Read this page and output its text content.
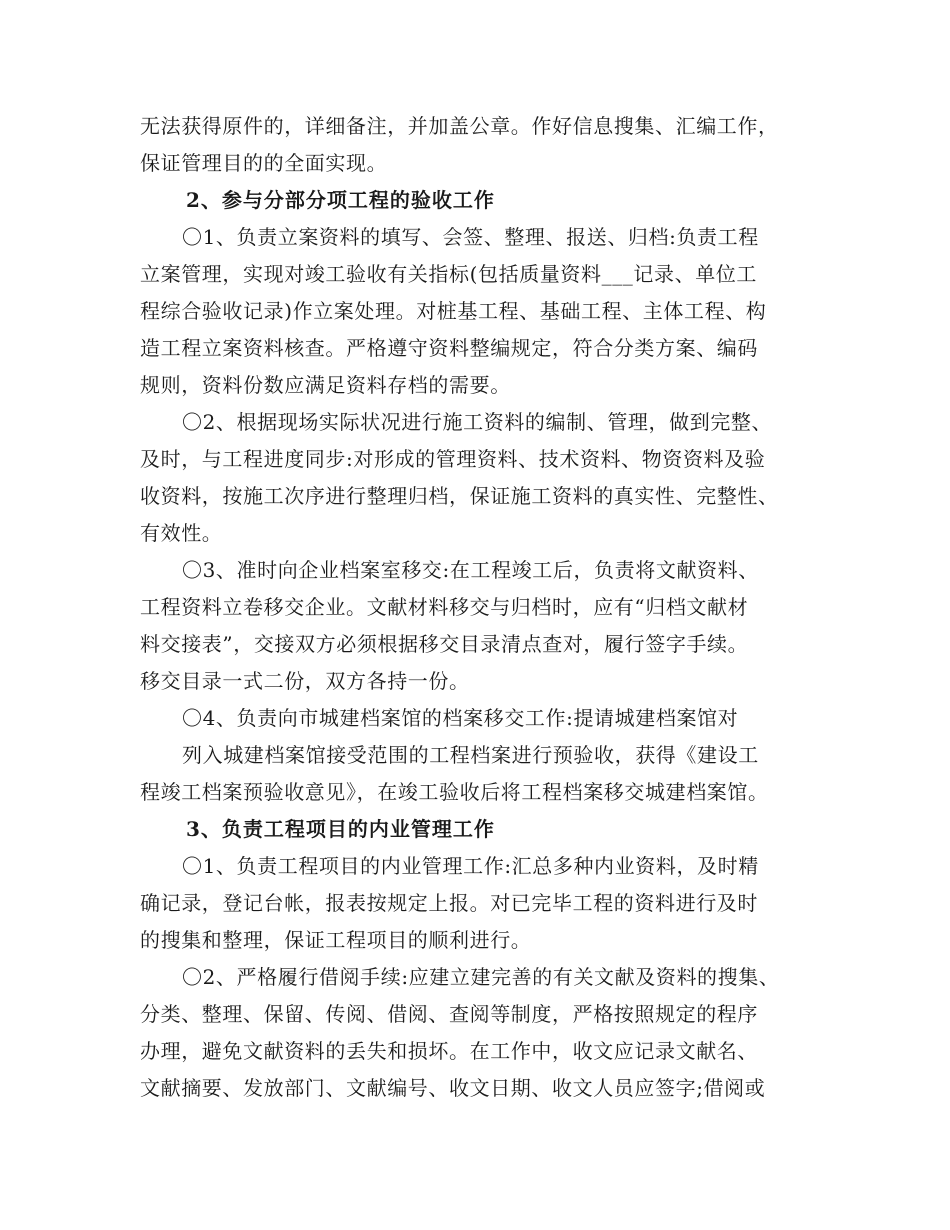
无法获得原件的，详细备注，并加盖公章。作好信息搜集、汇编工作，
保证管理目的的全面实现。
2、参与分部分项工程的验收工作
〇1、负责立案资料的填写、会签、整理、报送、归档:负责工程
立案管理，实现对竣工验收有关指标(包括质量资料___记录、单位工
程综合验收记录)作立案处理。对桩基工程、基础工程、主体工程、构
造工程立案资料核查。严格遵守资料整编规定，符合分类方案、编码
规则，资料份数应满足资料存档的需要。
〇2、根据现场实际状况进行施工资料的编制、管理，做到完整、
及时，与工程进度同步:对形成的管理资料、技术资料、物资资料及验
收资料，按施工次序进行整理归档，保证施工资料的真实性、完整性、
有效性。
〇3、准时向企业档案室移交:在工程竣工后，负责将文献资料、
工程资料立卷移交企业。文献材料移交与归档时，应有“归档文献材
料交接表”，交接双方必须根据移交目录清点查对，履行签字手续。
移交目录一式二份，双方各持一份。
〇4、负责向市城建档案馆的档案移交工作:提请城建档案馆对
列入城建档案馆接受范围的工程档案进行预验收，获得《建设工
程竣工档案预验收意见》，在竣工验收后将工程档案移交城建档案馆。
3、负责工程项目的内业管理工作
〇1、负责工程项目的内业管理工作:汇总多种内业资料，及时精
确记录，登记台帐，报表按规定上报。对已完毕工程的资料进行及时
的搜集和整理，保证工程项目的顺利进行。
〇2、严格履行借阅手续:应建立建完善的有关文献及资料的搜集、
分类、整理、保留、传阅、借阅、查阅等制度，严格按照规定的程序
办理，避免文献资料的丢失和损坏。在工作中，收文应记录文献名、
文献摘要、发放部门、文献编号、收文日期、收文人员应签字;借阅或
